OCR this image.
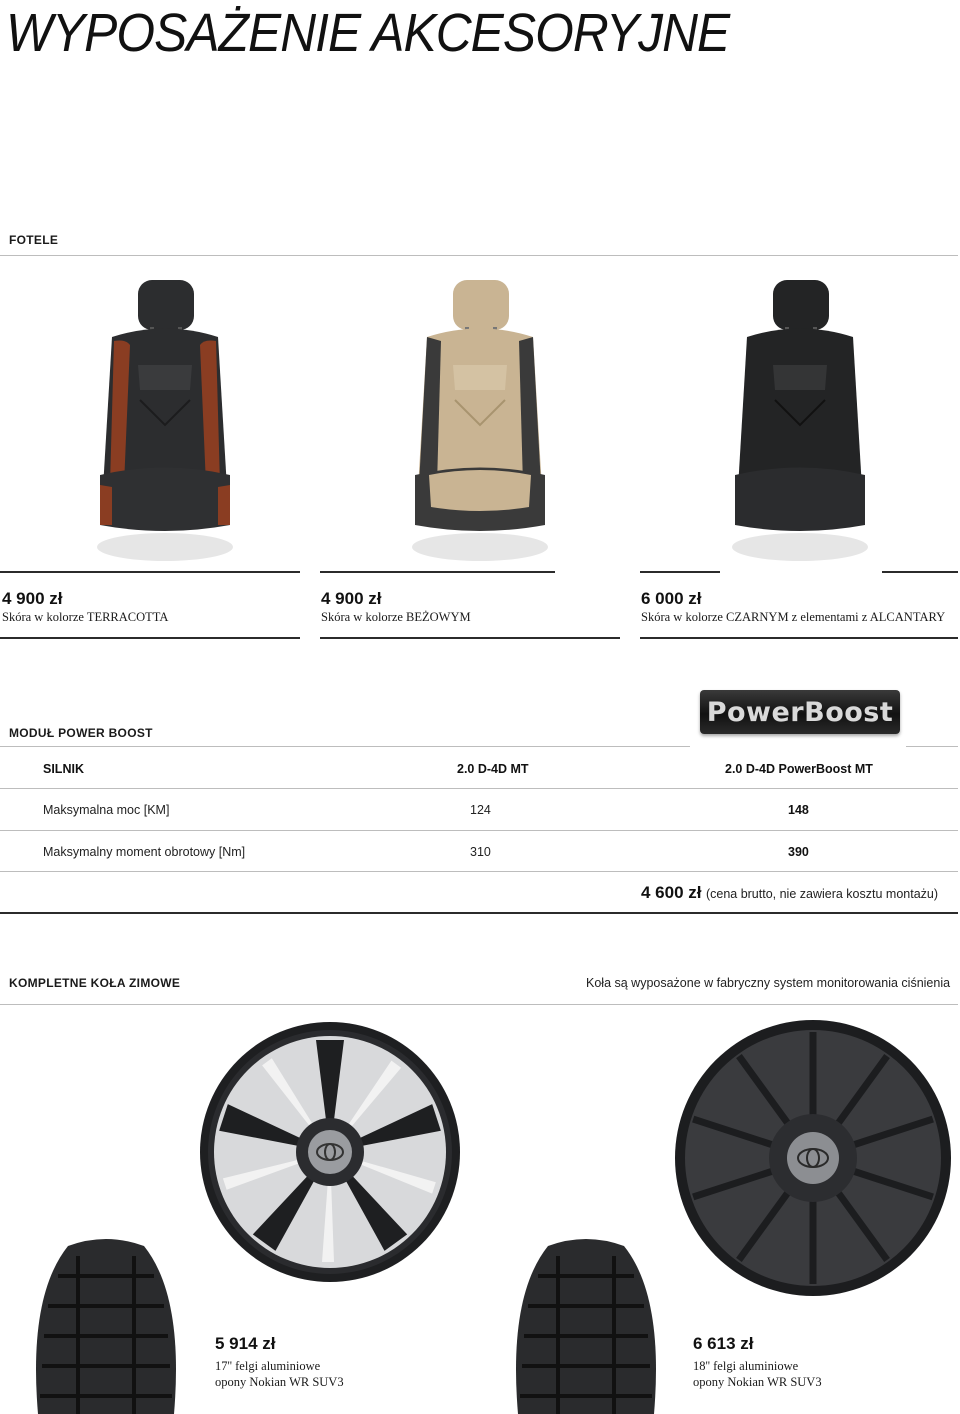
WYPOSAŻENIE AKCESORYJNE
FOTELE
4 900 zł
Skóra w kolorze TERRACOTTA
4 900 zł
Skóra w kolorze BEŻOWYM
6 000 zł
Skóra w kolorze CZARNYM z elementami z ALCANTARY
PowerBoost
MODUŁ POWER BOOST
SILNIK	2.0 D-4D MT	2.0 D-4D PowerBoost MT
Maksymalna moc [KM]	124	148
Maksymalny moment obrotowy [Nm]	310	390
4 600 zł (cena brutto, nie zawiera kosztu montażu)
KOMPLETNE KOŁA ZIMOWE	Koła są wyposażone w fabryczny system monitorowania ciśnienia
5 914 zł
17'' felgi aluminiowe
opony Nokian WR SUV3
6 613 zł
18'' felgi aluminiowe
opony Nokian WR SUV3
